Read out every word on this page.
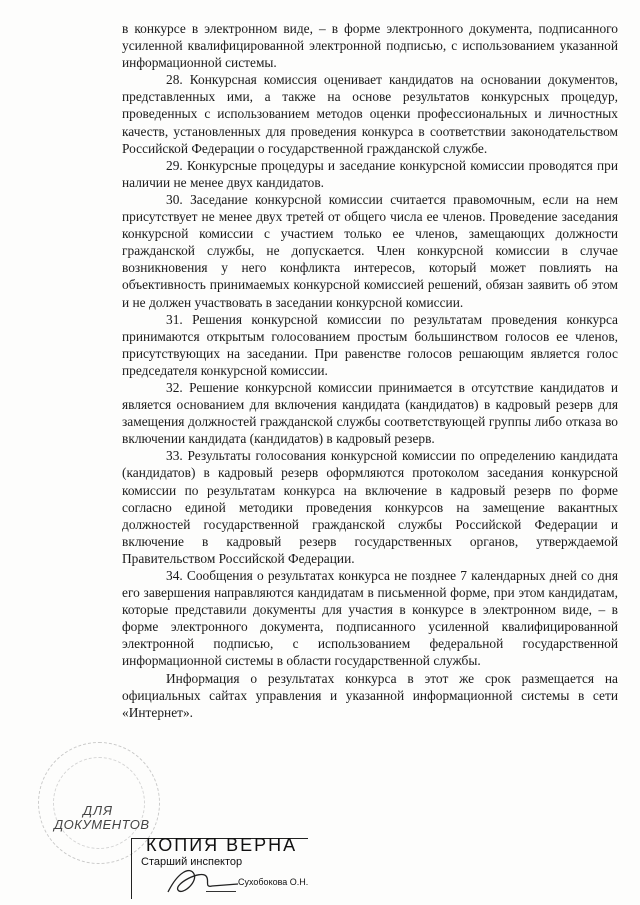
в конкурсе в электронном виде, – в форме электронного документа, подписанного усиленной квалифицированной электронной подписью, с использованием указанной информационной системы.

28. Конкурсная комиссия оценивает кандидатов на основании документов, представленных ими, а также на основе результатов конкурсных процедур, проведенных с использованием методов оценки профессиональных и личностных качеств, установленных для проведения конкурса в соответствии законодательством Российской Федерации о государственной гражданской службе.

29. Конкурсные процедуры и заседание конкурсной комиссии проводятся при наличии не менее двух кандидатов.

30. Заседание конкурсной комиссии считается правомочным, если на нем присутствует не менее двух третей от общего числа ее членов. Проведение заседания конкурсной комиссии с участием только ее членов, замещающих должности гражданской службы, не допускается. Член конкурсной комиссии в случае возникновения у него конфликта интересов, который может повлиять на объективность принимаемых конкурсной комиссией решений, обязан заявить об этом и не должен участвовать в заседании конкурсной комиссии.

31. Решения конкурсной комиссии по результатам проведения конкурса принимаются открытым голосованием простым большинством голосов ее членов, присутствующих на заседании. При равенстве голосов решающим является голос председателя конкурсной комиссии.

32. Решение конкурсной комиссии принимается в отсутствие кандидатов и является основанием для включения кандидата (кандидатов) в кадровый резерв для замещения должностей гражданской службы соответствующей группы либо отказа во включении кандидата (кандидатов) в кадровый резерв.

33. Результаты голосования конкурсной комиссии по определению кандидата (кандидатов) в кадровый резерв оформляются протоколом заседания конкурсной комиссии по результатам конкурса на включение в кадровый резерв по форме согласно единой методики проведения конкурсов на замещение вакантных должностей государственной гражданской службы Российской Федерации и включение в кадровый резерв государственных органов, утверждаемой Правительством Российской Федерации.

34. Сообщения о результатах конкурса не позднее 7 календарных дней со дня его завершения направляются кандидатам в письменной форме, при этом кандидатам, которые представили документы для участия в конкурсе в электронном виде, – в форме электронного документа, подписанного усиленной квалифицированной электронной подписью, с использованием федеральной государственной информационной системы в области государственной службы.

Информация о результатах конкурса в этот же срок размещается на официальных сайтах управления и указанной информационной системы в сети «Интернет».

ДЛЯ
ДОКУМЕНТОВ
КОПИЯ ВЕРНА
Старший инспектор
Сухобокова О.Н.
